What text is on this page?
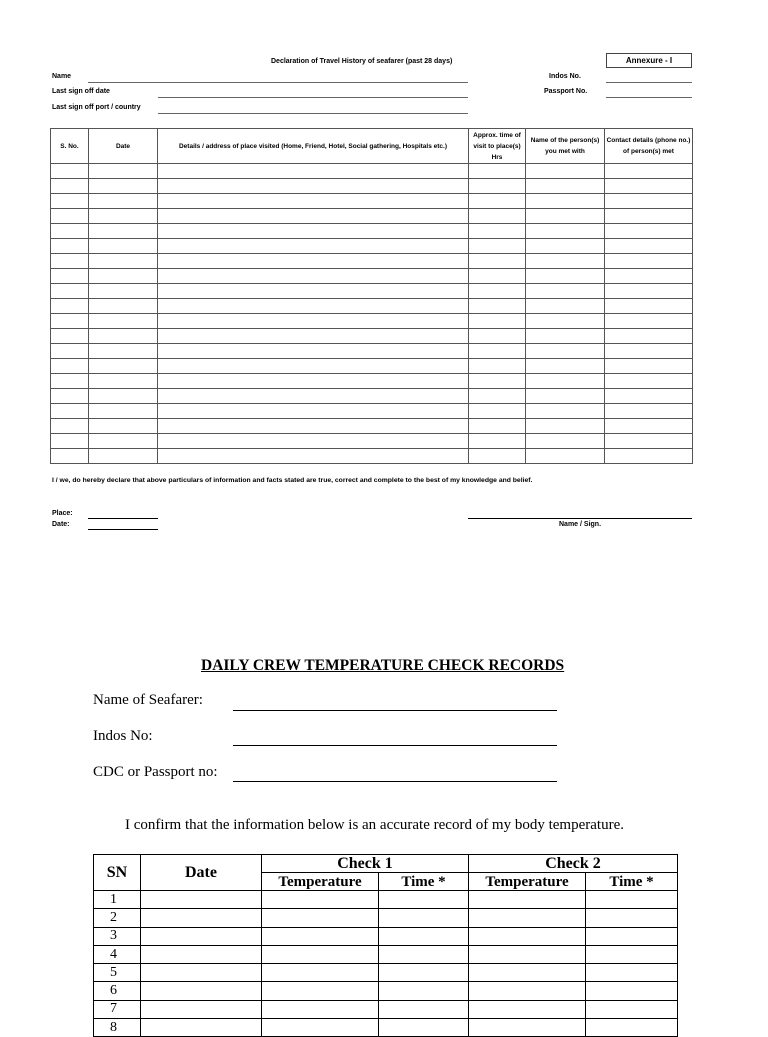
Declaration of Travel History of seafarer (past 28 days)	Annexure - I
Name
Last sign off date
Last sign off port / country
Indos No.
Passport No.
S. No.	Date	Details / address of place visited (Home, Friend, Hotel, Social gathering, Hospitals etc.)	Approx. time of visit to place(s) Hrs	Name of the person(s) you met with	Contact details (phone no.) of person(s) met

I / we, do hereby declare that above particulars of information and facts stated are true, correct and complete to the best of my knowledge and belief.
Place:
Date:	Name / Sign.
DAILY CREW TEMPERATURE CHECK RECORDS
Name of Seafarer:
Indos No:
CDC or Passport no:
I confirm that the information below is an accurate record of my body temperature.
SN	Date	Check 1		Check 2	
		Temperature	Time *	Temperature	Time *
1					
2					
3					
4					
5					
6					
7					
8					
